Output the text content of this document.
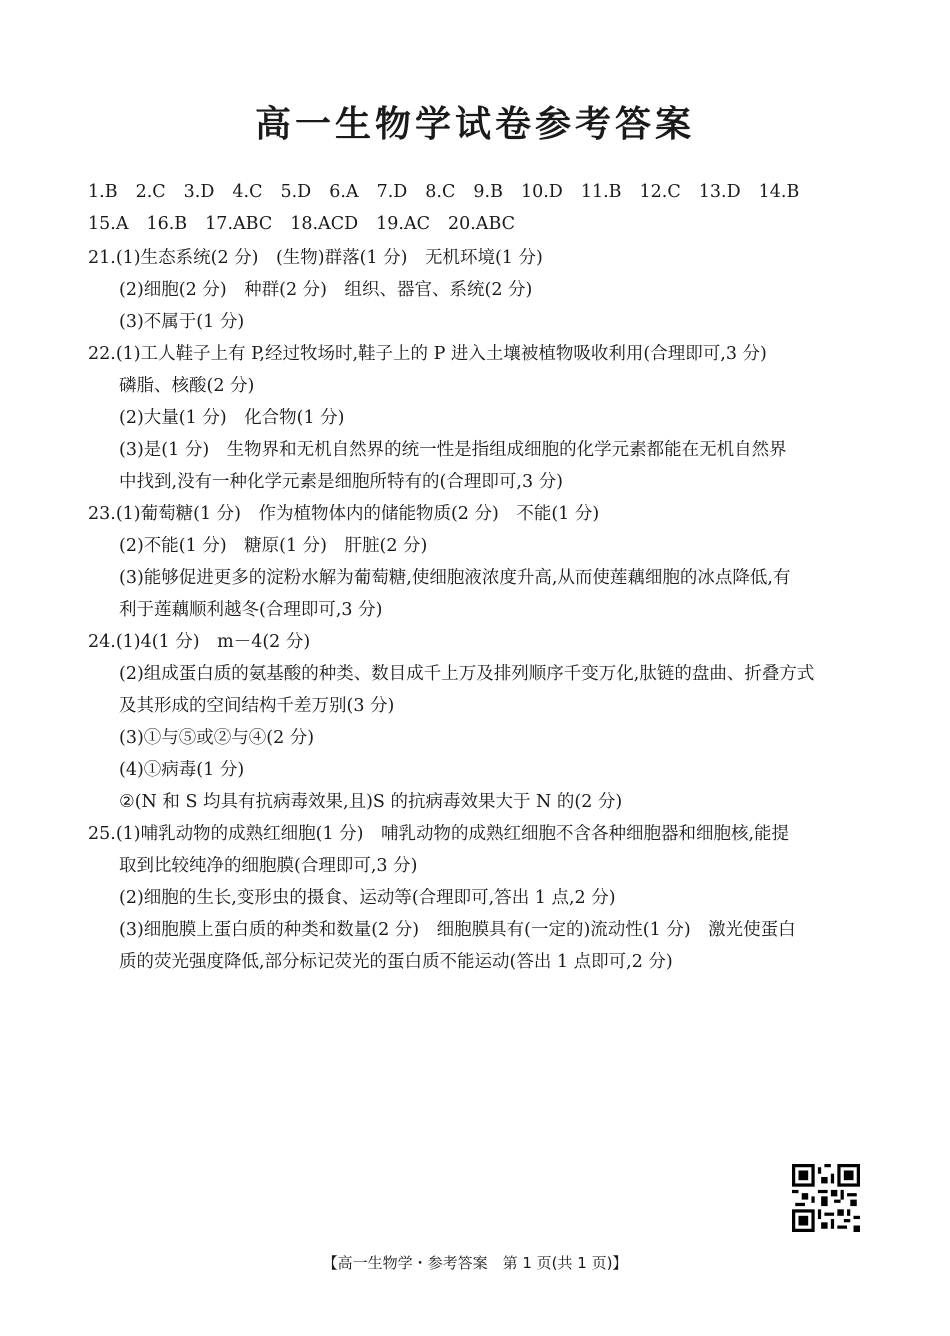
高一生物学试卷参考答案
1.B 2.C 3.D 4.C 5.D 6.A 7.D 8.C 9.B 10.D 11.B 12.C 13.D 14.B
15.A 16.B 17.ABC 18.ACD 19.AC 20.ABC
21.(1)生态系统(2 分)　(生物)群落(1 分)　无机环境(1 分)
(2)细胞(2 分)　种群(2 分)　组织、器官、系统(2 分)
(3)不属于(1 分)
22.(1)工人鞋子上有 P,经过牧场时,鞋子上的 P 进入土壤被植物吸收利用(合理即可,3 分)
磷脂、核酸(2 分)
(2)大量(1 分)　化合物(1 分)
(3)是(1 分)　生物界和无机自然界的统一性是指组成细胞的化学元素都能在无机自然界
中找到,没有一种化学元素是细胞所特有的(合理即可,3 分)
23.(1)葡萄糖(1 分)　作为植物体内的储能物质(2 分)　不能(1 分)
(2)不能(1 分)　糖原(1 分)　肝脏(2 分)
(3)能够促进更多的淀粉水解为葡萄糖,使细胞液浓度升高,从而使莲藕细胞的冰点降低,有
利于莲藕顺利越冬(合理即可,3 分)
24.(1)4(1 分)　m－4(2 分)
(2)组成蛋白质的氨基酸的种类、数目成千上万及排列顺序千变万化,肽链的盘曲、折叠方式
及其形成的空间结构千差万别(3 分)
(3)①与⑤或②与④(2 分)
(4)①病毒(1 分)
②(N 和 S 均具有抗病毒效果,且)S 的抗病毒效果大于 N 的(2 分)
25.(1)哺乳动物的成熟红细胞(1 分)　哺乳动物的成熟红细胞不含各种细胞器和细胞核,能提
取到比较纯净的细胞膜(合理即可,3 分)
(2)细胞的生长,变形虫的摄食、运动等(合理即可,答出 1 点,2 分)
(3)细胞膜上蛋白质的种类和数量(2 分)　细胞膜具有(一定的)流动性(1 分)　激光使蛋白
质的荧光强度降低,部分标记荧光的蛋白质不能运动(答出 1 点即可,2 分)
【高一生物学・参考答案　第 1 页(共 1 页)】
